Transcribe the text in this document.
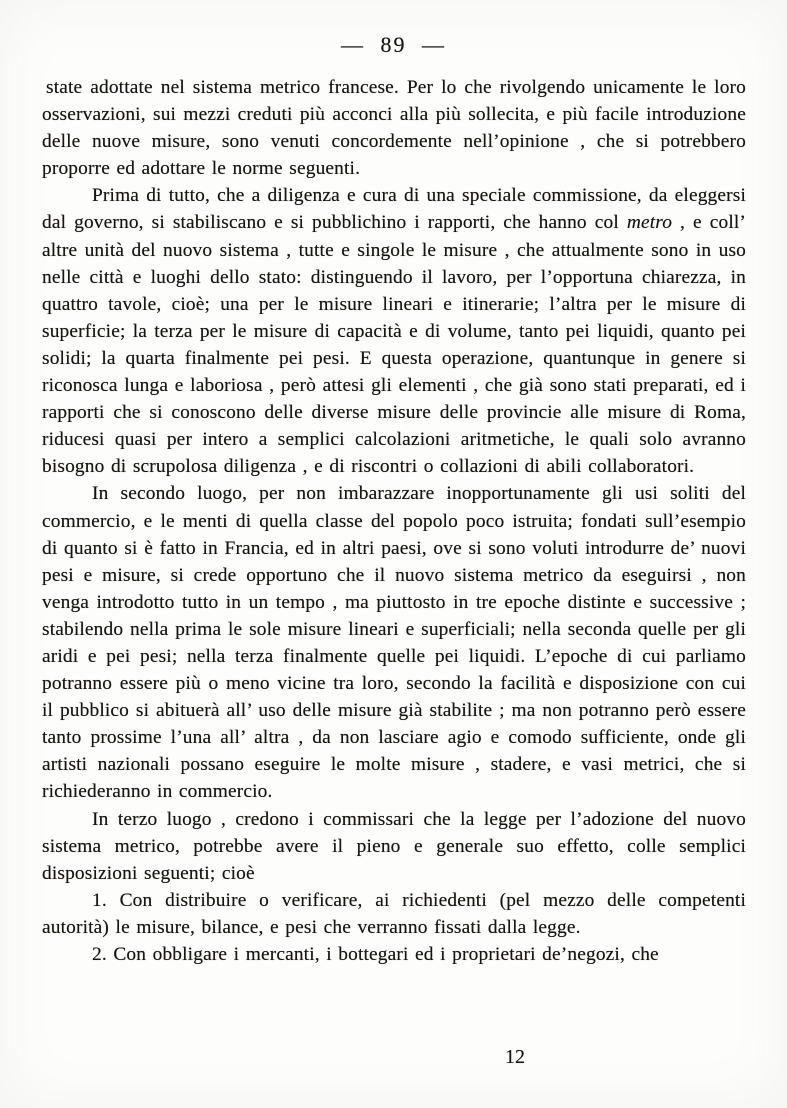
— 89 —

state adottate nel sistema metrico francese. Per lo che rivolgendo unicamente le loro osservazioni, sui mezzi creduti più acconci alla più sollecita, e più facile introduzione delle nuove misure, sono venuti concordemente nell’opinione , che si potrebbero proporre ed adottare le norme seguenti.

Prima di tutto, che a diligenza e cura di una speciale commissione, da eleggersi dal governo, si stabiliscano e si pubblichino i rapporti, che hanno col metro , e coll’ altre unità del nuovo sistema , tutte e singole le misure , che attualmente sono in uso nelle città e luoghi dello stato: distinguendo il lavoro, per l’opportuna chiarezza, in quattro tavole, cioè; una per le misure lineari e itinerarie; l’altra per le misure di superficie; la terza per le misure di capacità e di volume, tanto pei liquidi, quanto pei solidi; la quarta finalmente pei pesi. E questa operazione, quantunque in genere si riconosca lunga e laboriosa , però attesi gli elementi , che già sono stati preparati, ed i rapporti che si conoscono delle diverse misure delle provincie alle misure di Roma, riducesi quasi per intero a semplici calcolazioni aritmetiche, le quali solo avranno bisogno di scrupolosa diligenza , e di riscontri o collazioni di abili collaboratori.

In secondo luogo, per non imbarazzare inopportunamente gli usi soliti del commercio, e le menti di quella classe del popolo poco istruita; fondati sull’esempio di quanto si è fatto in Francia, ed in altri paesi, ove si sono voluti introdurre de’ nuovi pesi e misure, si crede opportuno che il nuovo sistema metrico da eseguirsi , non venga introdotto tutto in un tempo , ma piuttosto in tre epoche distinte e successive ; stabilendo nella prima le sole misure lineari e superficiali; nella seconda quelle per gli aridi e pei pesi; nella terza finalmente quelle pei liquidi. L’epoche di cui parliamo potranno essere più o meno vicine tra loro, secondo la facilità e disposizione con cui il pubblico si abituerà all’ uso delle misure già stabilite ; ma non potranno però essere tanto prossime l’una all’ altra , da non lasciare agio e comodo sufficiente, onde gli artisti nazionali possano eseguire le molte misure , stadere, e vasi metrici, che si richiederanno in commercio.

In terzo luogo , credono i commissari che la legge per l’adozione del nuovo sistema metrico, potrebbe avere il pieno e generale suo effetto, colle semplici disposizioni seguenti; cioè

1. Con distribuire o verificare, ai richiedenti (pel mezzo delle competenti autorità) le misure, bilance, e pesi che verranno fissati dalla legge.

2. Con obbligare i mercanti, i bottegari ed i proprietari de’negozi, che

12
